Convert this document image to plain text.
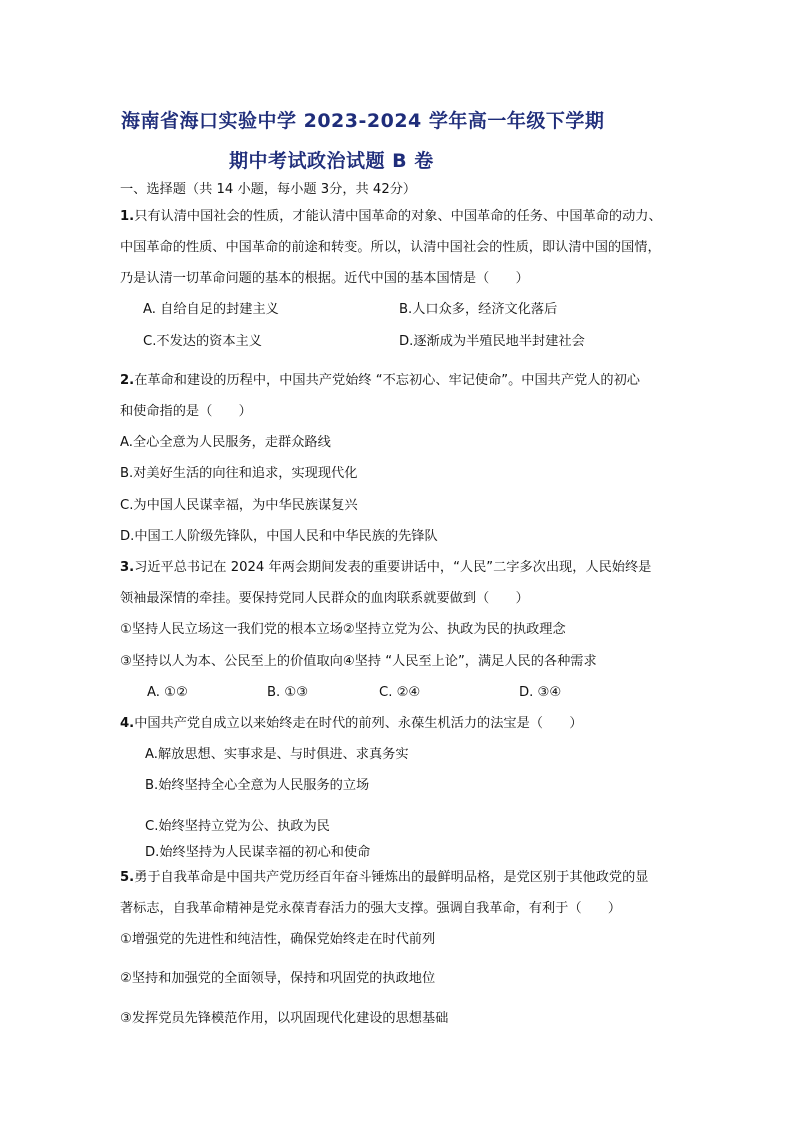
海南省海口实验中学 2023-2024 学年高一年级下学期
期中考试政治试题 B 卷
一、选择题（共 14 小题，每小题 3分，共 42分）
1.只有认清中国社会的性质，才能认清中国革命的对象、中国革命的任务、中国革命的动力、
中国革命的性质、中国革命的前途和转变。所以，认清中国社会的性质，即认清中国的国情，
乃是认清一切革命问题的基本的根据。近代中国的基本国情是（　　）
A. 自给自足的封建主义	B.人口众多，经济文化落后
C.不发达的资本主义	D.逐渐成为半殖民地半封建社会
2.在革命和建设的历程中，中国共产党始终 “不忘初心、牢记使命”。中国共产党人的初心
和使命指的是（　　）
A.全心全意为人民服务，走群众路线
B.对美好生活的向往和追求，实现现代化
C.为中国人民谋幸福，为中华民族谋复兴
D.中国工人阶级先锋队，中国人民和中华民族的先锋队
3.习近平总书记在 2024 年两会期间发表的重要讲话中，“人民”二字多次出现，人民始终是
领袖最深情的牵挂。要保持党同人民群众的血肉联系就要做到（　　）
①坚持人民立场这一我们党的根本立场②坚持立党为公、执政为民的执政理念
③坚持以人为本、公民至上的价值取向④坚持 “人民至上论”，满足人民的各种需求
A. ①②	B. ①③	C. ②④	D. ③④
4.中国共产党自成立以来始终走在时代的前列、永葆生机活力的法宝是（　　）
A.解放思想、实事求是、与时俱进、求真务实
B.始终坚持全心全意为人民服务的立场
C.始终坚持立党为公、执政为民
D.始终坚持为人民谋幸福的初心和使命
5.勇于自我革命是中国共产党历经百年奋斗锤炼出的最鲜明品格，是党区别于其他政党的显
著标志，自我革命精神是党永葆青春活力的强大支撑。强调自我革命，有利于（　　）
①增强党的先进性和纯洁性，确保党始终走在时代前列
②坚持和加强党的全面领导，保持和巩固党的执政地位
③发挥党员先锋模范作用，以巩固现代化建设的思想基础
